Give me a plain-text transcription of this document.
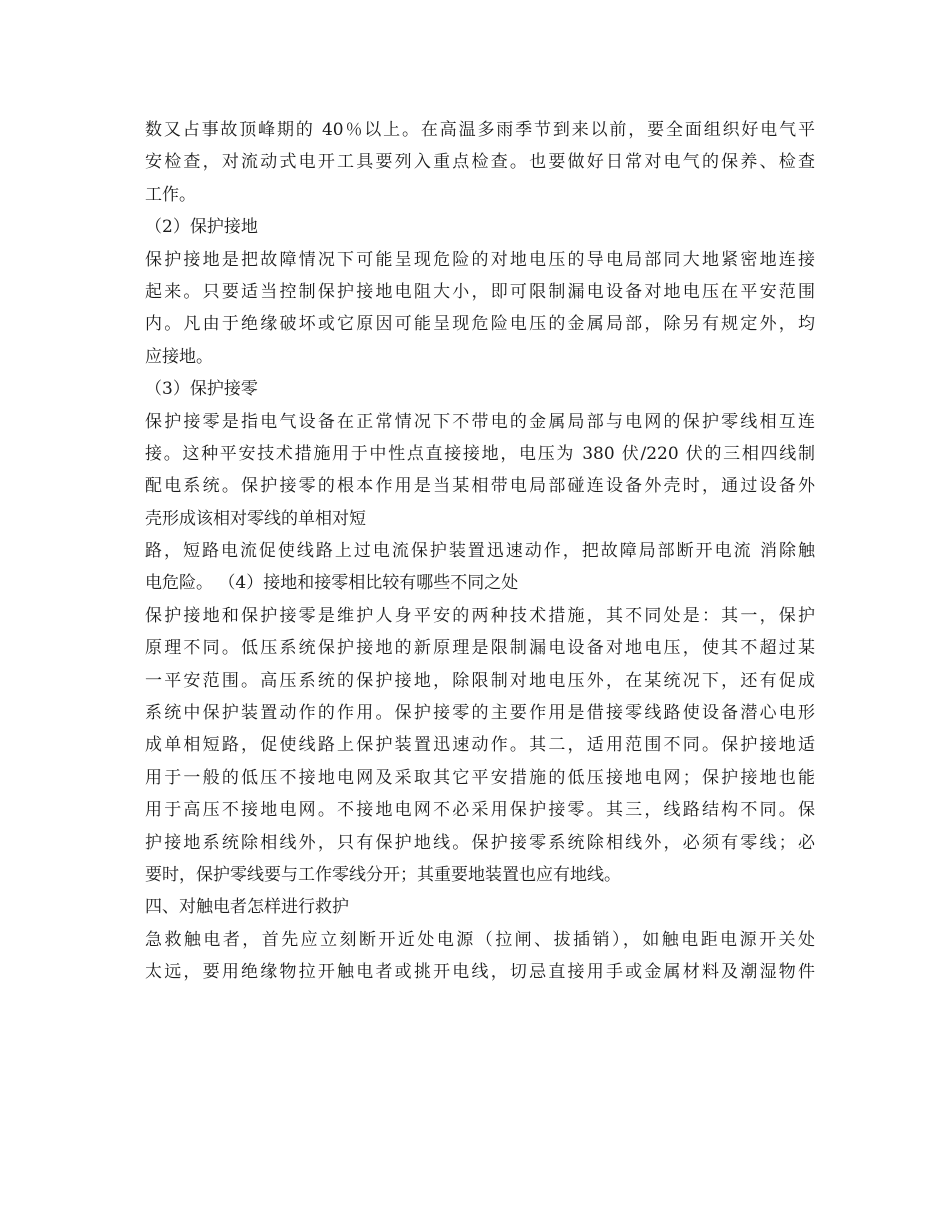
数又占事故顶峰期的 40％以上。在高温多雨季节到来以前，要全面组织好电气平
安检查，对流动式电开工具要列入重点检查。也要做好日常对电气的保养、检查
工作。
（2）保护接地
保护接地是把故障情况下可能呈现危险的对地电压的导电局部同大地紧密地连接
起来。只要适当控制保护接地电阻大小，即可限制漏电设备对地电压在平安范围
内。凡由于绝缘破坏或它原因可能呈现危险电压的金属局部，除另有规定外，均
应接地。
（3）保护接零
保护接零是指电气设备在正常情况下不带电的金属局部与电网的保护零线相互连
接。这种平安技术措施用于中性点直接接地，电压为 380 伏/220 伏的三相四线制
配电系统。保护接零的根本作用是当某相带电局部碰连设备外壳时，通过设备外
壳形成该相对零线的单相对短
路，短路电流促使线路上过电流保护装置迅速动作，把故障局部断开电流 消除触
电危险。 （4）接地和接零相比较有哪些不同之处
保护接地和保护接零是维护人身平安的两种技术措施，其不同处是：其一，保护
原理不同。低压系统保护接地的新原理是限制漏电设备对地电压，使其不超过某
一平安范围。高压系统的保护接地，除限制对地电压外，在某统况下，还有促成
系统中保护装置动作的作用。保护接零的主要作用是借接零线路使设备潜心电形
成单相短路，促使线路上保护装置迅速动作。其二，适用范围不同。保护接地适
用于一般的低压不接地电网及采取其它平安措施的低压接地电网；保护接地也能
用于高压不接地电网。不接地电网不必采用保护接零。其三，线路结构不同。保
护接地系统除相线外，只有保护地线。保护接零系统除相线外，必须有零线；必
要时，保护零线要与工作零线分开；其重要地装置也应有地线。
四、对触电者怎样进行救护
急救触电者，首先应立刻断开近处电源（拉闸、拔插销），如触电距电源开关处
太远，要用绝缘物拉开触电者或挑开电线，切忌直接用手或金属材料及潮湿物件
